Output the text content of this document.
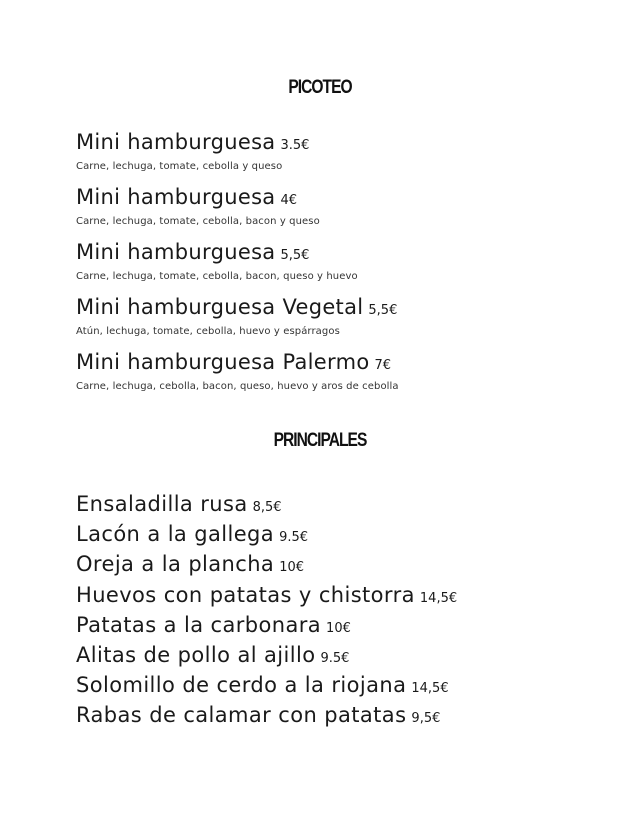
PICOTEO
Mini hamburguesa 3.5€
Carne, lechuga, tomate, cebolla y queso
Mini hamburguesa 4€
Carne, lechuga, tomate, cebolla, bacon y queso
Mini hamburguesa 5,5€
Carne, lechuga, tomate, cebolla, bacon, queso y huevo
Mini hamburguesa Vegetal 5,5€
Atún, lechuga, tomate, cebolla, huevo y espárragos
Mini hamburguesa Palermo 7€
Carne, lechuga, cebolla, bacon, queso, huevo y aros de cebolla
PRINCIPALES
Ensaladilla rusa 8,5€
Lacón a la gallega 9.5€
Oreja a la plancha 10€
Huevos con patatas y chistorra 14,5€
Patatas a la carbonara 10€
Alitas de pollo al ajillo 9.5€
Solomillo de cerdo a la riojana 14,5€
Rabas de calamar con patatas 9,5€
